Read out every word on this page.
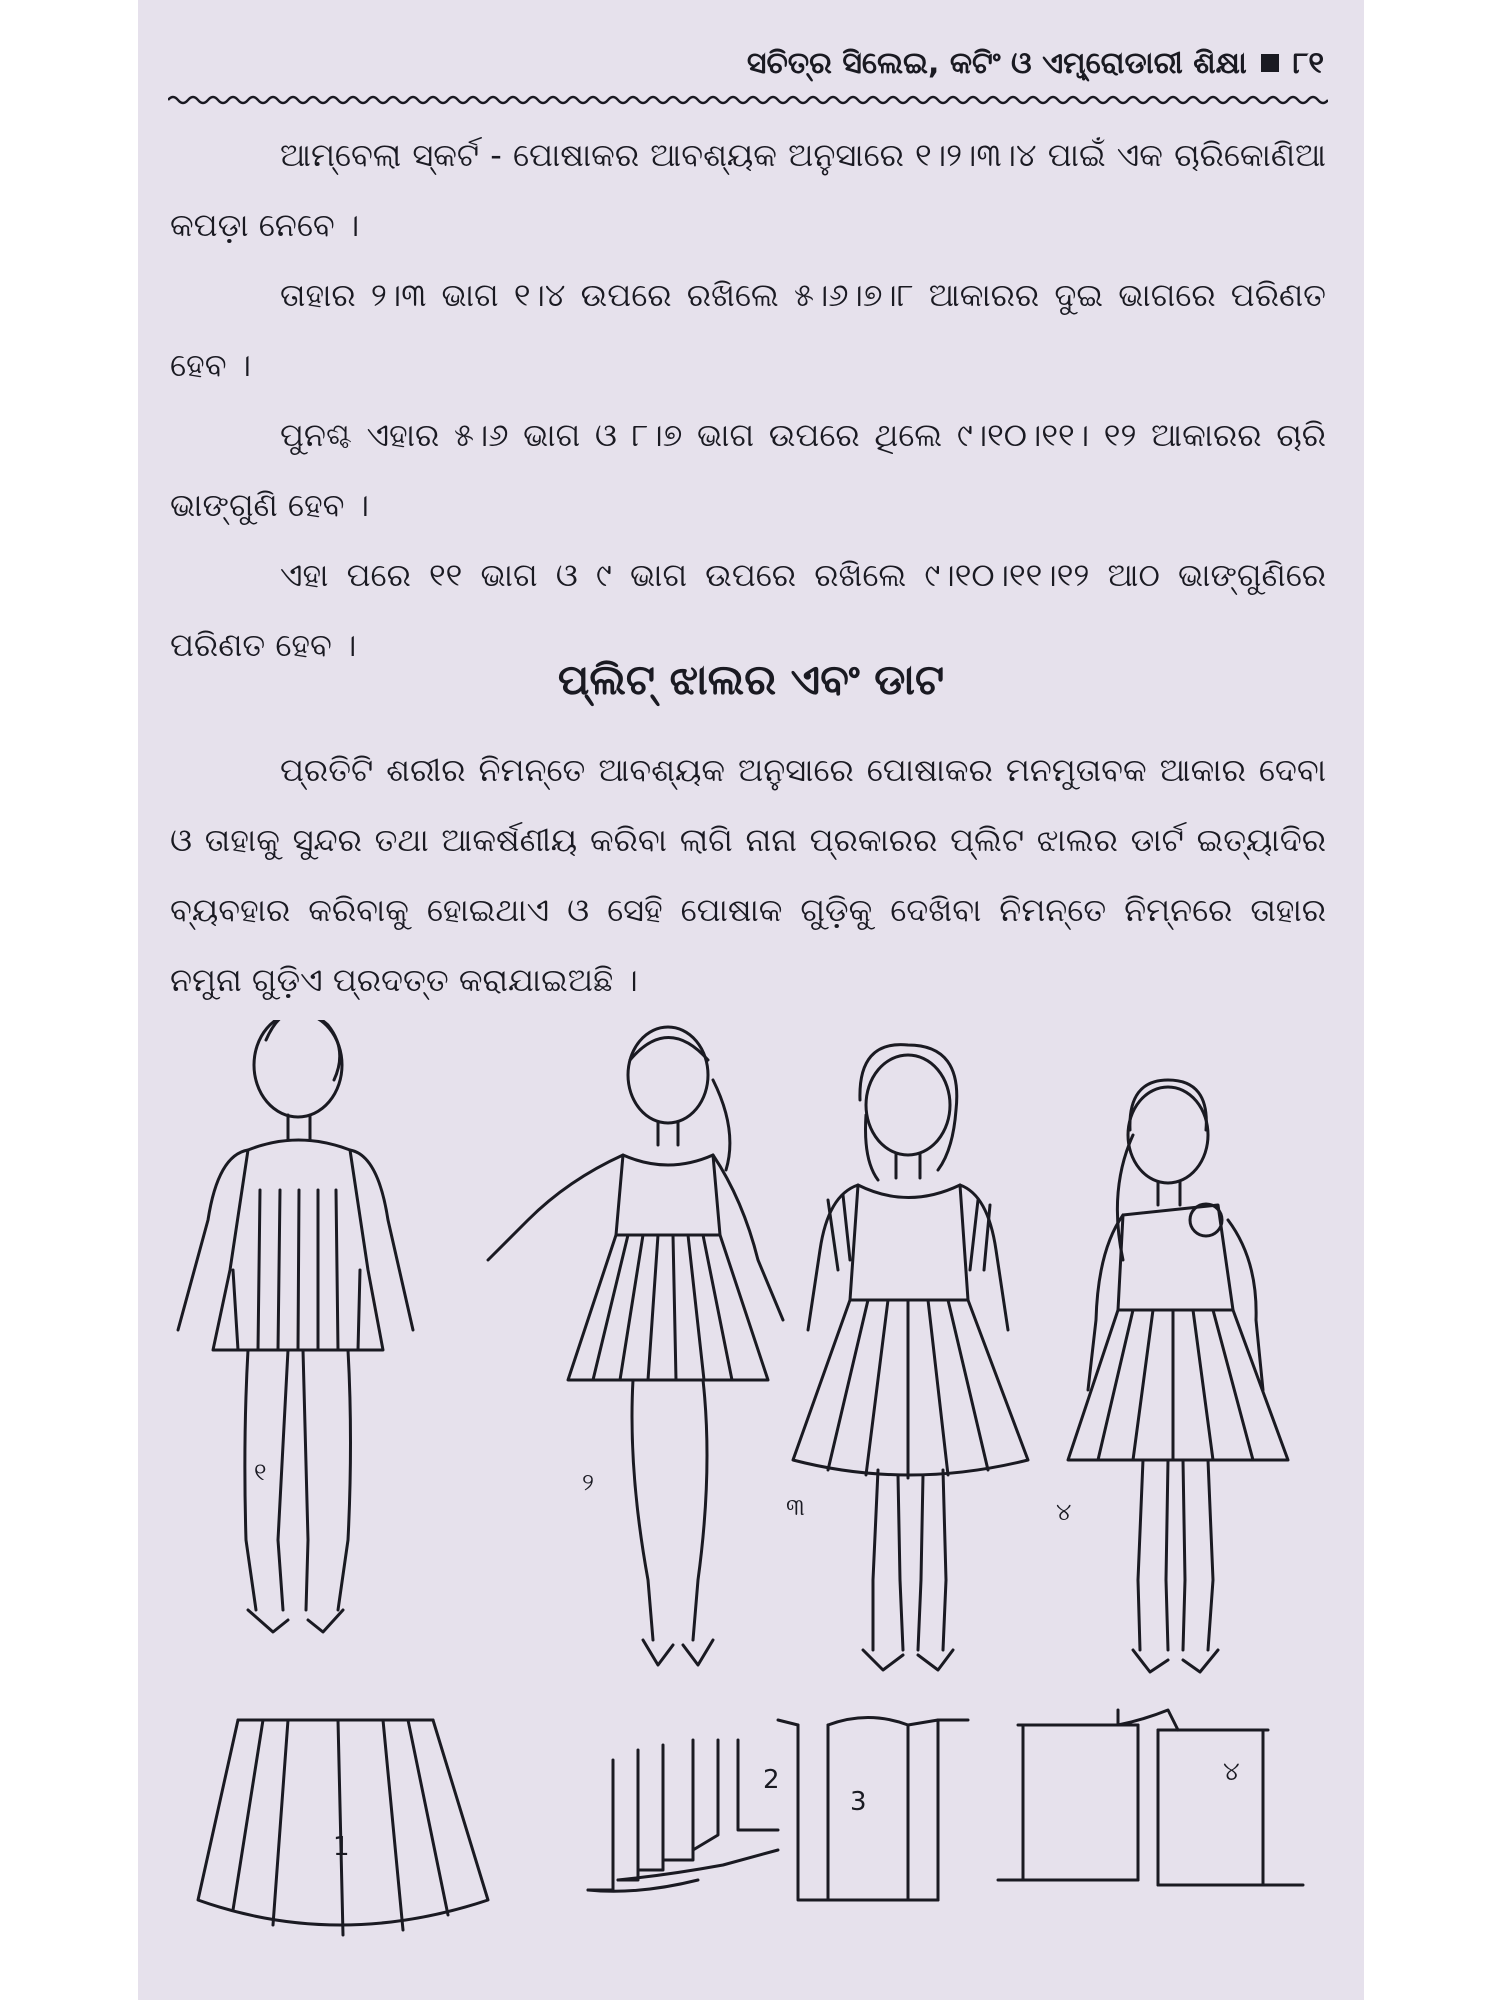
ସଚିତ୍ର ସିଲେଇ, କଟିଂ ଓ ଏମ୍ବ୍ରୋଡାରୀ ଶିକ୍ଷା ୮୧
ଆମ୍ବେଲା ସ୍କର୍ଟ - ପୋଷାକର ଆବଶ୍ୟକ ଅନୁସାରେ ୧।୨।୩।୪ ପାଇଁ ଏକ ଚାରିକୋଣିଆ କପଡ଼ା ନେବେ ।
ତାହାର ୨।୩ ଭାଗ ୧।୪ ଉପରେ ରଖିଲେ ୫।୬।୭।୮ ଆକାରର ଦୁଇ ଭାଗରେ ପରିଣତ ହେବ ।
ପୁନଶ୍ଚ ଏହାର ୫।୬ ଭାଗ ଓ ୮।୭ ଭାଗ ଉପରେ ଥିଲେ ୯।୧୦।୧୧। ୧୨ ଆକାରର ଚାରି ଭାଙ୍ଗୁଣି ହେବ ।
ଏହା ପରେ ୧୧ ଭାଗ ଓ ୯ ଭାଗ ଉପରେ ରଖିଲେ ୯।୧୦।୧୧।୧୨ ଆଠ ଭାଙ୍ଗୁଣିରେ ପରିଣତ ହେବ ।
ପ୍ଲିଟ୍ ଝାଲର ଏବଂ ଡାଟ
ପ୍ରତିଟି ଶରୀର ନିମନ୍ତେ ଆବଶ୍ୟକ ଅନୁସାରେ ପୋଷାକର ମନମୁତାବକ ଆକାର ଦେବା ଓ ତାହାକୁ ସୁନ୍ଦର ତଥା ଆକର୍ଷଣୀୟ କରିବା ଲାଗି ନାନା ପ୍ରକାରର ପ୍ଲିଟ ଝାଲର ଡାର୍ଟ ଇତ୍ୟାଦିର ବ୍ୟବହାର କରିବାକୁ ହୋଇଥାଏ ଓ ସେହି ପୋଷାକ ଗୁଡ଼ିକୁ ଦେଖିବା ନିମନ୍ତେ ନିମ୍ନରେ ତାହାର ନମୁନା ଗୁଡ଼ିଏ ପ୍ରଦତ୍ତ କରାଯାଇଅଛି ।
୧	୨
୩	୪
1
2
3
୪
